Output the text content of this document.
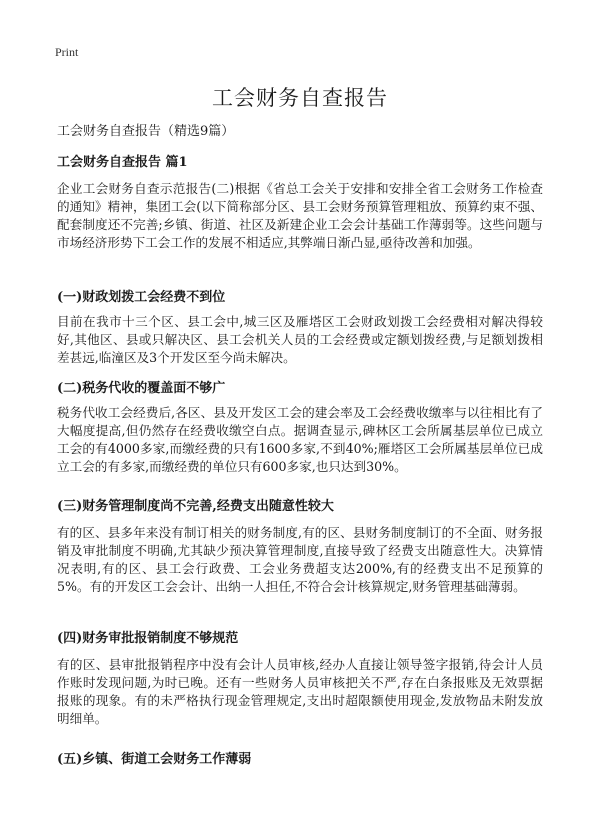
Print
工会财务自查报告
工会财务自查报告（精选9篇）
工会财务自查报告 篇1

企业工会财务自查示范报告(二)根据《省总工会关于安排和安排全省工会财务工作检查的通知》精神，集团工会(以下简称部分区、县工会财务预算管理粗放、预算约束不强、配套制度还不完善;乡镇、街道、社区及新建企业工会会计基础工作薄弱等。这些问题与市场经济形势下工会工作的发展不相适应,其弊端日渐凸显,亟待改善和加强。

(一)财政划拨工会经费不到位

目前在我市十三个区、县工会中,城三区及雁塔区工会财政划拨工会经费相对解决得较好,其他区、县或只解决区、县工会机关人员的工会经费或定额划拨经费,与足额划拨相差甚远,临潼区及3个开发区至今尚未解决。

(二)税务代收的覆盖面不够广

税务代收工会经费后,各区、县及开发区工会的建会率及工会经费收缴率与以往相比有了大幅度提高,但仍然存在经费收缴空白点。据调查显示,碑林区工会所属基层单位已成立工会的有4000多家,而缴经费的只有1600多家,不到40%;雁塔区工会所属基层单位已成立工会的有多家,而缴经费的单位只有600多家,也只达到30%。

(三)财务管理制度尚不完善,经费支出随意性较大

有的区、县多年来没有制订相关的财务制度,有的区、县财务制度制订的不全面、财务报销及审批制度不明确,尤其缺少预决算管理制度,直接导致了经费支出随意性大。决算情况表明,有的区、县工会行政费、工会业务费超支达200%,有的经费支出不足预算的5%。有的开发区工会会计、出纳一人担任,不符合会计核算规定,财务管理基础薄弱。

(四)财务审批报销制度不够规范

有的区、县审批报销程序中没有会计人员审核,经办人直接让领导签字报销,待会计人员作账时发现问题,为时已晚。还有一些财务人员审核把关不严,存在白条报账及无效票据报账的现象。有的未严格执行现金管理规定,支出时超限额使用现金,发放物品未附发放明细单。

(五)乡镇、街道工会财务工作薄弱
